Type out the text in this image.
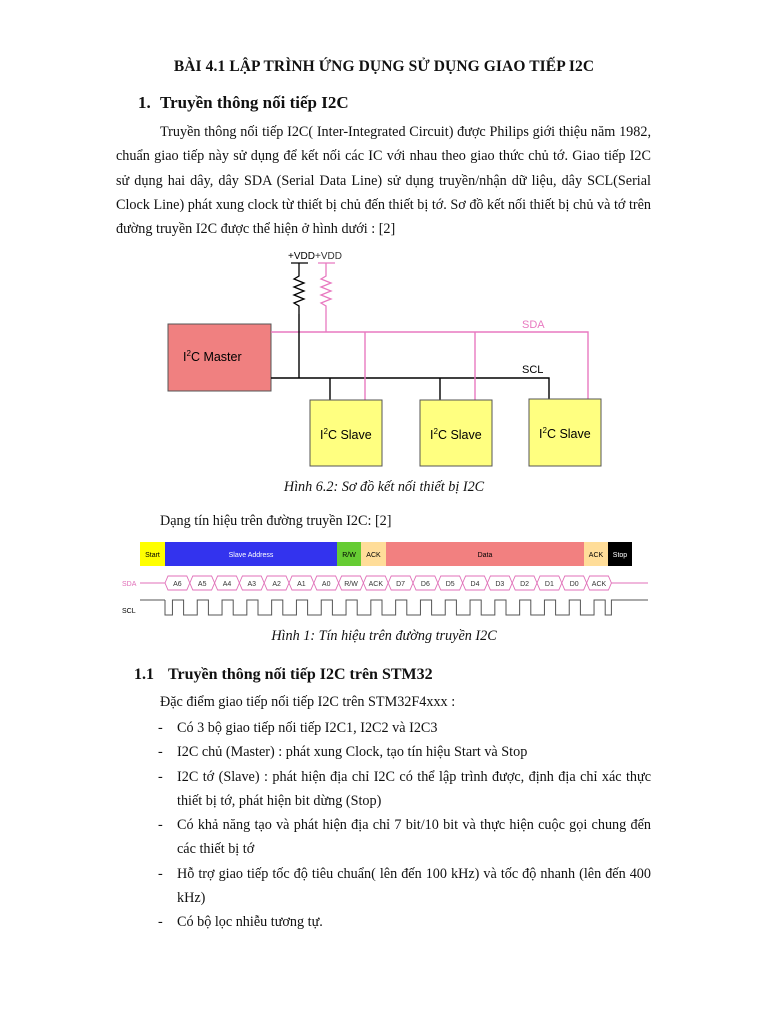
BÀI 4.1 LẬP TRÌNH ỨNG DỤNG SỬ DỤNG GIAO TIẾP I2C
1. Truyền thông nối tiếp I2C

Truyền thông nối tiếp I2C( Inter-Integrated Circuit) được Philips giới thiệu năm 1982, chuẩn giao tiếp này sử dụng để kết nối các IC với nhau theo giao thức chủ tớ. Giao tiếp I2C sử dụng hai dây, dây SDA (Serial Data Line) sử dụng truyền/nhận dữ liệu, dây SCL(Serial Clock Line) phát xung clock từ thiết bị chủ đến thiết bị tớ. Sơ đồ kết nối thiết bị chủ và tớ trên đường truyền I2C được thể hiện ở hình dưới : [2]

+VDD +VDD
$I^2C$ Master
SDA
SCL
$I^2C$ Slave	$I^2C$ Slave	$I^2C$ Slave
Hình 6.2: Sơ đồ kết nối thiết bị I2C
Dạng tín hiệu trên đường truyền I2C: [2]
Start	Slave Address	R/W ACK	Data	ACK Stop
SDA	A6 A5 A4 A3 A2 A1 A0 R/W ACK D7 D6 D5 D4 D3 D2 D1 D0 ACK
SCL
Hình 1: Tín hiệu trên đường truyền I2C
1.1 Truyền thông nối tiếp I2C trên STM32
Đặc điểm giao tiếp nối tiếp I2C trên STM32F4xxx :
- Có 3 bộ giao tiếp nối tiếp I2C1, I2C2 và I2C3
- I2C chủ (Master) : phát xung Clock, tạo tín hiệu Start và Stop
- I2C tớ (Slave) : phát hiện địa chỉ I2C có thể lập trình được, định địa chỉ xác thực thiết bị tớ, phát hiện bit dừng (Stop)
- Có khả năng tạo và phát hiện địa chỉ 7 bit/10 bit và thực hiện cuộc gọi chung đến các thiết bị tớ
- Hỗ trợ giao tiếp tốc độ tiêu chuẩn( lên đến 100 kHz) và tốc độ nhanh (lên đến 400 kHz)
- Có bộ lọc nhiễu tương tự.
